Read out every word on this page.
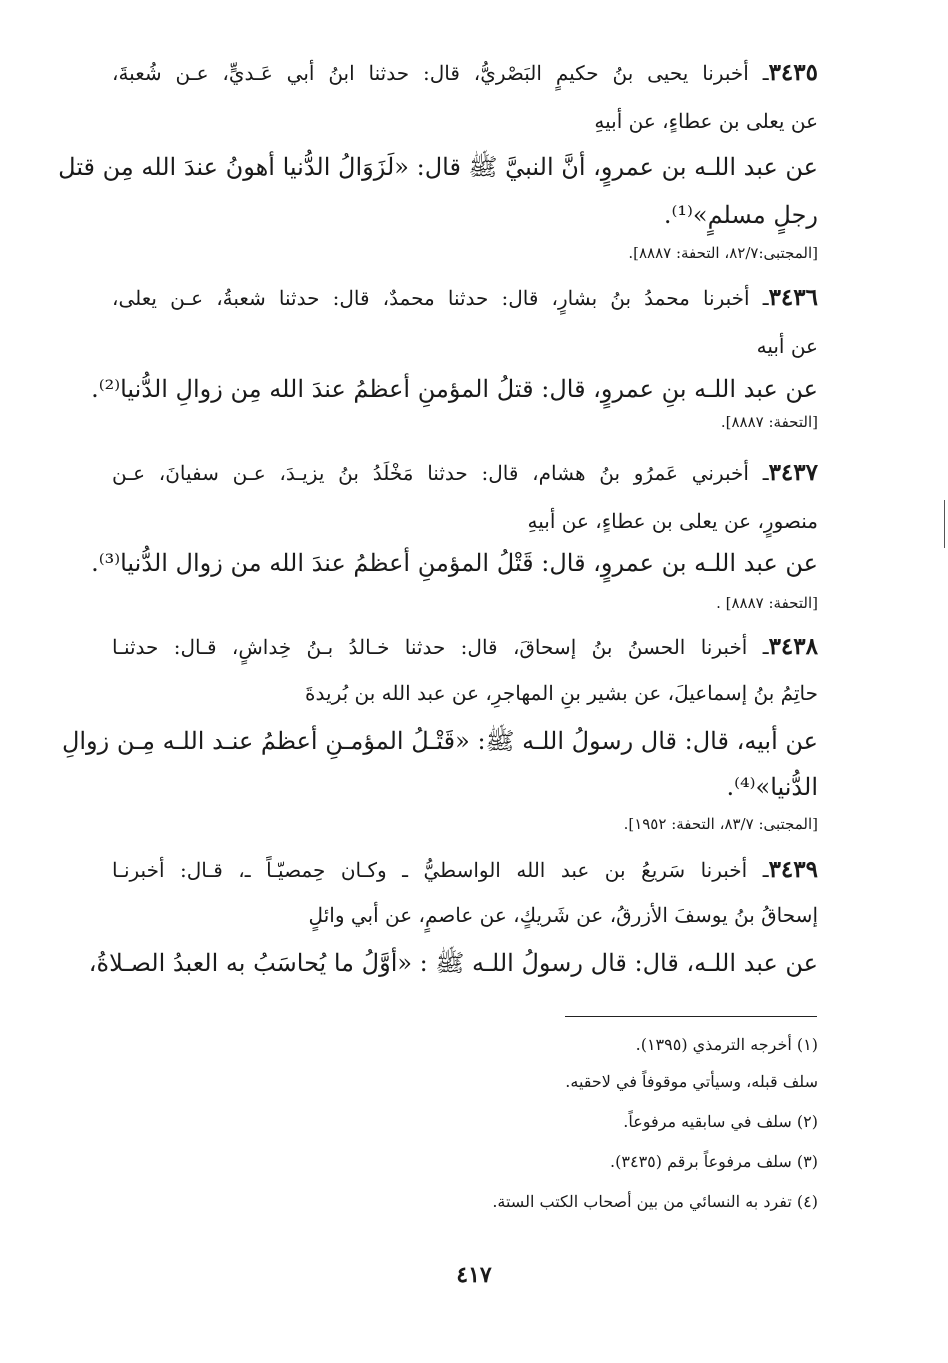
٣٤٣٥ـ أخبرنا يحيى بنُ حكيمٍ البَصْريُّ، قال: حدثنا ابنُ أبي عَـديٍّ، عـن شُعبةَ،
عن يعلى بن عطاءٍ، عن أبيهِ
عن عبد اللـه بن عمروٍ، أنَّ النبيَّ ﷺ قال: «لَزَوَالُ الدُّنيا أهونُ عندَ الله مِن قتل
رجلٍ مسلمٍ»⁽¹⁾.
[المجتبى:٨٢/٧، التحفة: ٨٨٨٧].
٣٤٣٦ـ أخبرنا محمدُ بنُ بشارٍ، قال: حدثنا محمدٌ، قال: حدثنا شعبةُ، عـن يعلى،
عن أبيه
عن عبد اللـه بنِ عمروٍ، قال: قتلُ المؤمنِ أعظمُ عندَ الله مِن زوالِ الدُّنيا⁽²⁾.
[التحفة: ٨٨٨٧].
٣٤٣٧ـ أخبرني عَمرُو بنُ هشام، قال: حدثنا مَخْلَدُ بنُ يزيـدَ، عـن سفيانَ، عـن
منصورٍ، عن يعلى بن عطاءٍ، عن أبيهِ
عن عبد اللـه بن عمروٍ، قال: قَتْلُ المؤمنِ أعظمُ عندَ الله من زوال الدُّنيا⁽³⁾.
[التحفة: ٨٨٨٧] .
٣٤٣٨ـ أخبرنا الحسنُ بنُ إسحاقَ، قال: حدثنا خـالدُ بـنُ خِداشٍ، قـال: حدثنـا
حاتِمُ بنُ إسماعيلَ، عن بشير بنِ المهاجرِ، عن عبد الله بن بُريدةَ
عن أبيه، قال: قال رسولُ اللـه ﷺ: «قَتْـلُ المؤمـنِ أعظمُ عنـد اللـه مِـن زوالِ
الدُّنيا»⁽⁴⁾.
[المجتبى: ٨٣/٧، التحفة: ١٩٥٢].
٣٤٣٩ـ أخبرنا سَريعُ بن عبد الله الواسطيُّ ـ وكـان حِمصيّـاً ـ، قـال: أخبرنـا
إسحاقُ بنُ يوسفَ الأزرقُ، عن شَريكٍ، عن عاصمٍ، عن أبي وائلٍ
عن عبد اللـه، قال: قال رسولُ اللـه ﷺ : «أوَّلُ ما يُحاسَبُ به العبدُ الصـلاةُ،
(١) أخرجه الترمذي (١٣٩٥).
سلف قبله، وسيأتي موقوفاً في لاحقيه.
(٢) سلف في سابقيه مرفوعاً.
(٣) سلف مرفوعاً برقم (٣٤٣٥).
(٤) تفرد به النسائي من بين أصحاب الكتب الستة.
٤١٧
